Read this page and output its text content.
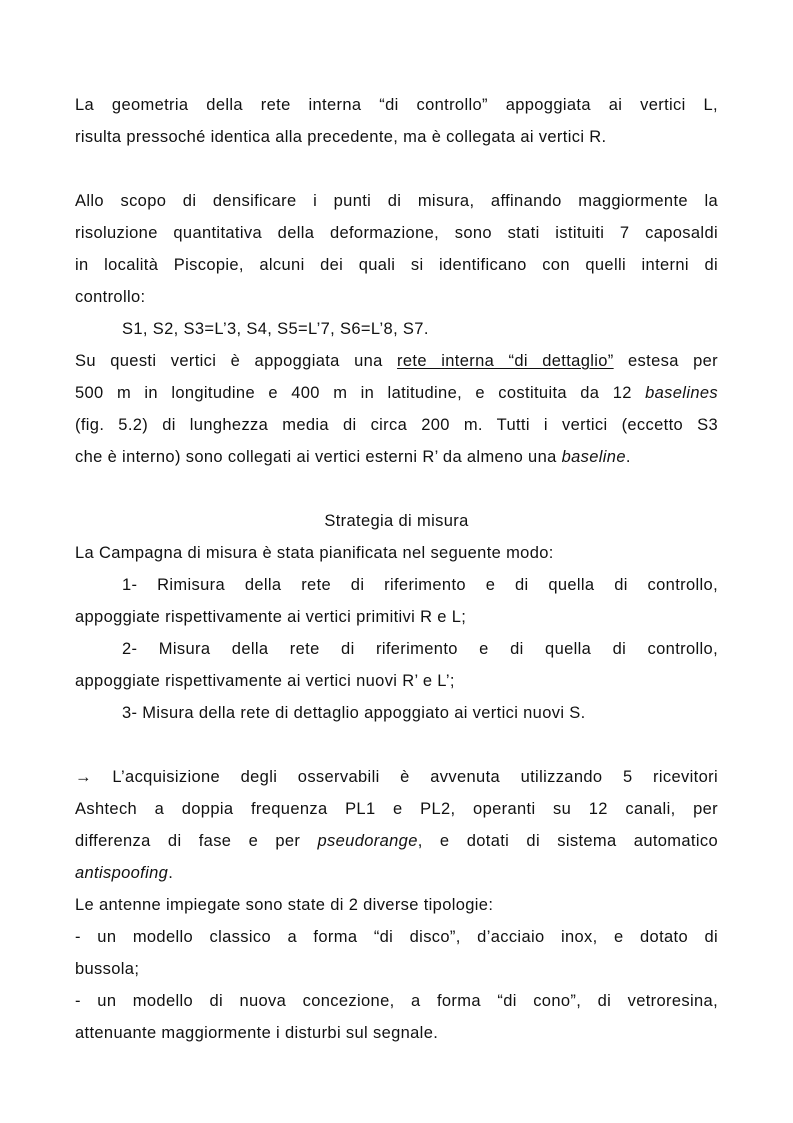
La geometria della rete interna “di controllo” appoggiata ai vertici L,
risulta pressoché identica alla precedente, ma è collegata ai vertici R.
Allo scopo di densificare i punti di misura, affinando maggiormente la
risoluzione quantitativa della deformazione, sono stati istituiti 7 caposaldi
in località Piscopie, alcuni dei quali si identificano con quelli interni di
controllo:
S1, S2, S3=L’3, S4, S5=L’7, S6=L’8, S7.
Su questi vertici è appoggiata una rete interna “di dettaglio” estesa per
500 m in longitudine e 400 m in latitudine, e costituita da 12 baselines
(fig. 5.2) di lunghezza media di circa 200 m. Tutti i vertici (eccetto S3
che è interno) sono collegati ai vertici esterni R’ da almeno una baseline.
Strategia di misura
La Campagna di misura è stata pianificata nel seguente modo:
1- Rimisura della rete di riferimento e di quella di controllo,
appoggiate rispettivamente ai vertici primitivi R e L;
2- Misura della rete di riferimento e di quella di controllo,
appoggiate rispettivamente ai vertici nuovi R’ e L’;
3- Misura della rete di dettaglio appoggiato ai vertici nuovi S.
→ L’acquisizione degli osservabili è avvenuta utilizzando 5 ricevitori
Ashtech a doppia frequenza PL1 e PL2, operanti su 12 canali, per
differenza di fase e per pseudorange, e dotati di sistema automatico
antispoofing.
Le antenne impiegate sono state di 2 diverse tipologie:
- un modello classico a forma “di disco”, d’acciaio inox, e dotato di
bussola;
- un modello di nuova concezione, a forma “di cono”, di vetroresina,
attenuante maggiormente i disturbi sul segnale.
